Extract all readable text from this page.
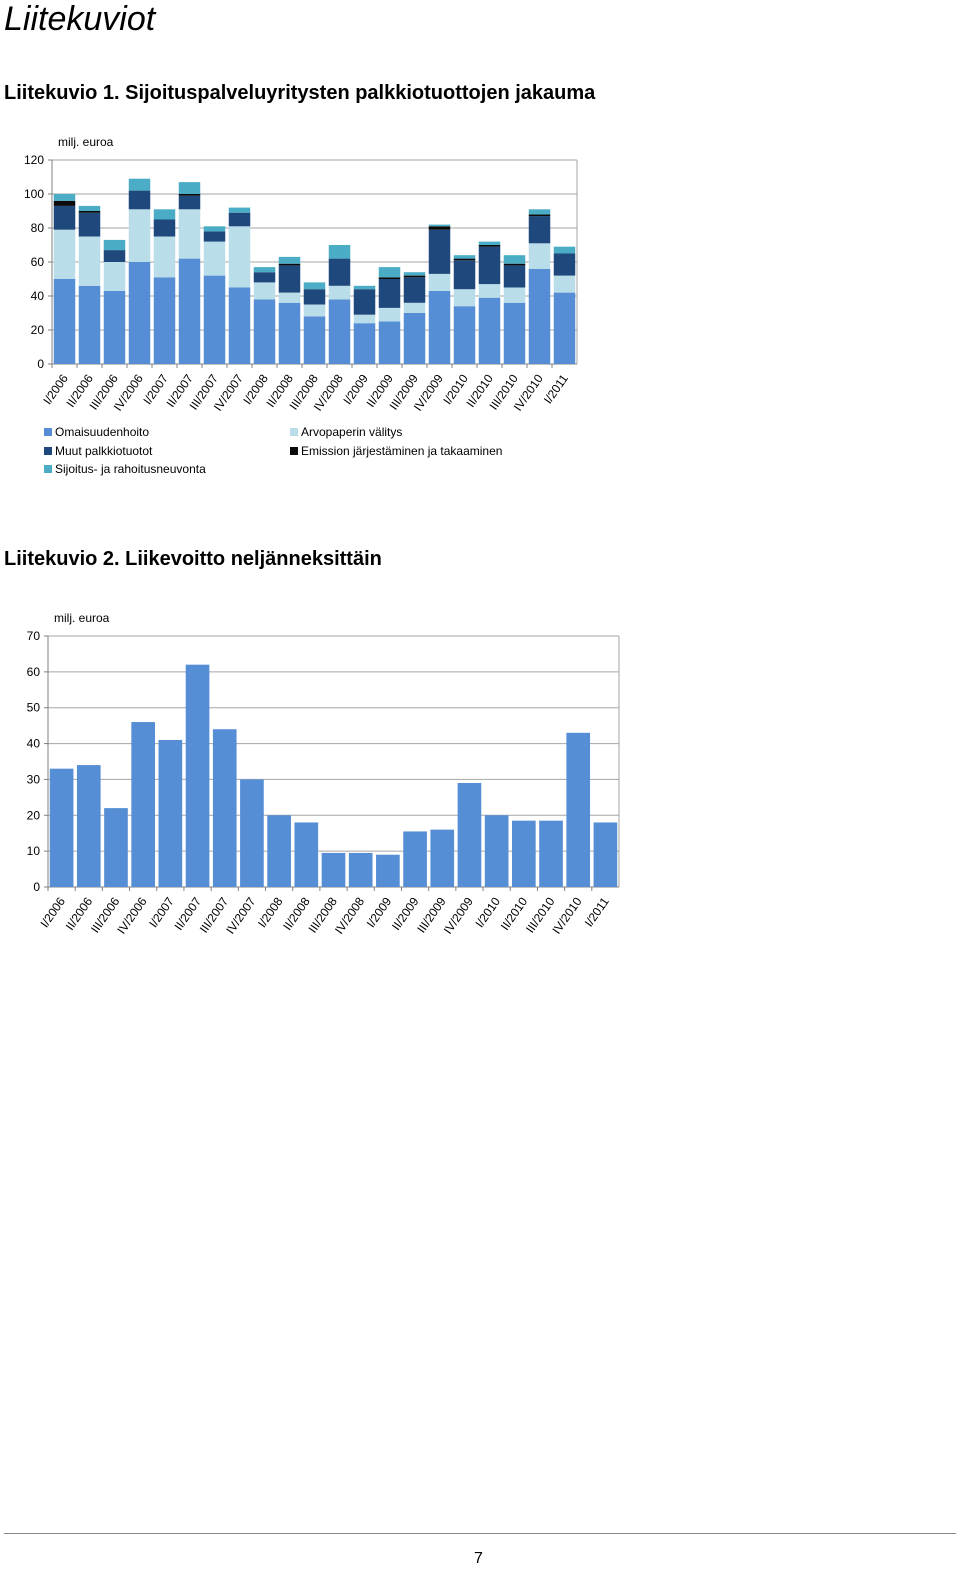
Liitekuviot
Liitekuvio 1. Sijoituspalveluyritysten palkkiotuottojen jakauma
0
20
40
60
80
100
120
milj. euroa
I/2006
II/2006
III/2006
IV/2006
I/2007
II/2007
III/2007
IV/2007
I/2008
II/2008
III/2008
IV/2008
I/2009
II/2009
III/2009
IV/2009
I/2010
II/2010
III/2010
IV/2010
I/2011
Omaisuudenhoito
Muut palkkiotuotot
Sijoitus- ja rahoitusneuvonta
Arvopaperin välitys
Emission järjestäminen ja takaaminen
Liitekuvio 2. Liikevoitto neljänneksittäin
0
10
20
30
40
50
60
70
milj. euroa
I/2006
II/2006
III/2006
IV/2006
I/2007
II/2007
III/2007
IV/2007
I/2008
II/2008
III/2008
IV/2008
I/2009
II/2009
III/2009
IV/2009
I/2010
II/2010
III/2010
IV/2010
I/2011
7
